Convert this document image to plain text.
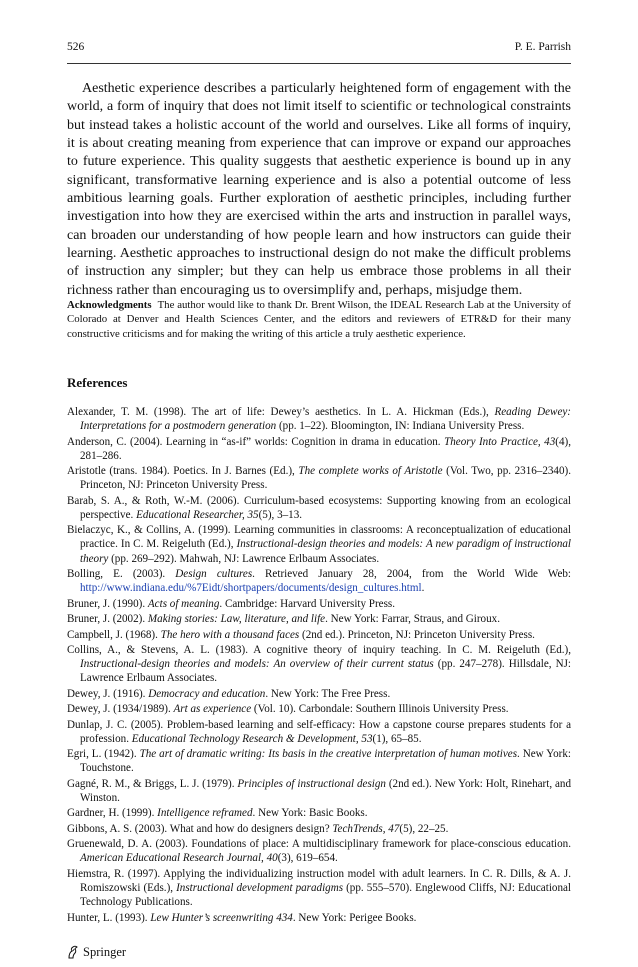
526	P. E. Parrish

Aesthetic experience describes a particularly heightened form of engagement with the world, a form of inquiry that does not limit itself to scientific or technological constraints but instead takes a holistic account of the world and ourselves. Like all forms of inquiry, it is about creating meaning from experience that can improve or expand our approaches to future experience. This quality suggests that aesthetic experience is bound up in any significant, transformative learning experience and is also a potential outcome of less ambitious learning goals. Further exploration of aesthetic principles, including further investigation into how they are exercised within the arts and instruction in parallel ways, can broaden our understanding of how people learn and how instructors can guide their learning. Aesthetic approaches to instructional design do not make the difficult problems of instruction any simpler; but they can help us embrace those problems in all their richness rather than encouraging us to oversimplify and, perhaps, misjudge them.

Acknowledgments The author would like to thank Dr. Brent Wilson, the IDEAL Research Lab at the University of Colorado at Denver and Health Sciences Center, and the editors and reviewers of ETR&D for their many constructive criticisms and for making the writing of this article a truly aesthetic experience.

References
Alexander, T. M. (1998). The art of life: Dewey’s aesthetics. In L. A. Hickman (Eds.), Reading Dewey: Interpretations for a postmodern generation (pp. 1–22). Bloomington, IN: Indiana University Press.
Anderson, C. (2004). Learning in “as-if” worlds: Cognition in drama in education. Theory Into Practice, 43(4), 281–286.
Aristotle (trans. 1984). Poetics. In J. Barnes (Ed.), The complete works of Aristotle (Vol. Two, pp. 2316–2340). Princeton, NJ: Princeton University Press.
Barab, S. A., & Roth, W.-M. (2006). Curriculum-based ecosystems: Supporting knowing from an ecological perspective. Educational Researcher, 35(5), 3–13.
Bielaczyc, K., & Collins, A. (1999). Learning communities in classrooms: A reconceptualization of educational practice. In C. M. Reigeluth (Ed.), Instructional-design theories and models: A new paradigm of instructional theory (pp. 269–292). Mahwah, NJ: Lawrence Erlbaum Associates.
Bolling, E. (2003). Design cultures. Retrieved January 28, 2004, from the World Wide Web: http://www.indiana.edu/%7Eidt/shortpapers/documents/design_cultures.html.
Bruner, J. (1990). Acts of meaning. Cambridge: Harvard University Press.
Bruner, J. (2002). Making stories: Law, literature, and life. New York: Farrar, Straus, and Giroux.
Campbell, J. (1968). The hero with a thousand faces (2nd ed.). Princeton, NJ: Princeton University Press.
Collins, A., & Stevens, A. L. (1983). A cognitive theory of inquiry teaching. In C. M. Reigeluth (Ed.), Instructional-design theories and models: An overview of their current status (pp. 247–278). Hillsdale, NJ: Lawrence Erlbaum Associates.
Dewey, J. (1916). Democracy and education. New York: The Free Press.
Dewey, J. (1934/1989). Art as experience (Vol. 10). Carbondale: Southern Illinois University Press.
Dunlap, J. C. (2005). Problem-based learning and self-efficacy: How a capstone course prepares students for a profession. Educational Technology Research & Development, 53(1), 65–85.
Egri, L. (1942). The art of dramatic writing: Its basis in the creative interpretation of human motives. New York: Touchstone.
Gagné, R. M., & Briggs, L. J. (1979). Principles of instructional design (2nd ed.). New York: Holt, Rinehart, and Winston.
Gardner, H. (1999). Intelligence reframed. New York: Basic Books.
Gibbons, A. S. (2003). What and how do designers design? TechTrends, 47(5), 22–25.
Gruenewald, D. A. (2003). Foundations of place: A multidisciplinary framework for place-conscious education. American Educational Research Journal, 40(3), 619–654.
Hiemstra, R. (1997). Applying the individualizing instruction model with adult learners. In C. R. Dills, & A. J. Romiszowski (Eds.), Instructional development paradigms (pp. 555–570). Englewood Cliffs, NJ: Educational Technology Publications.
Hunter, L. (1993). Lew Hunter’s screenwriting 434. New York: Perigee Books.
Springer
